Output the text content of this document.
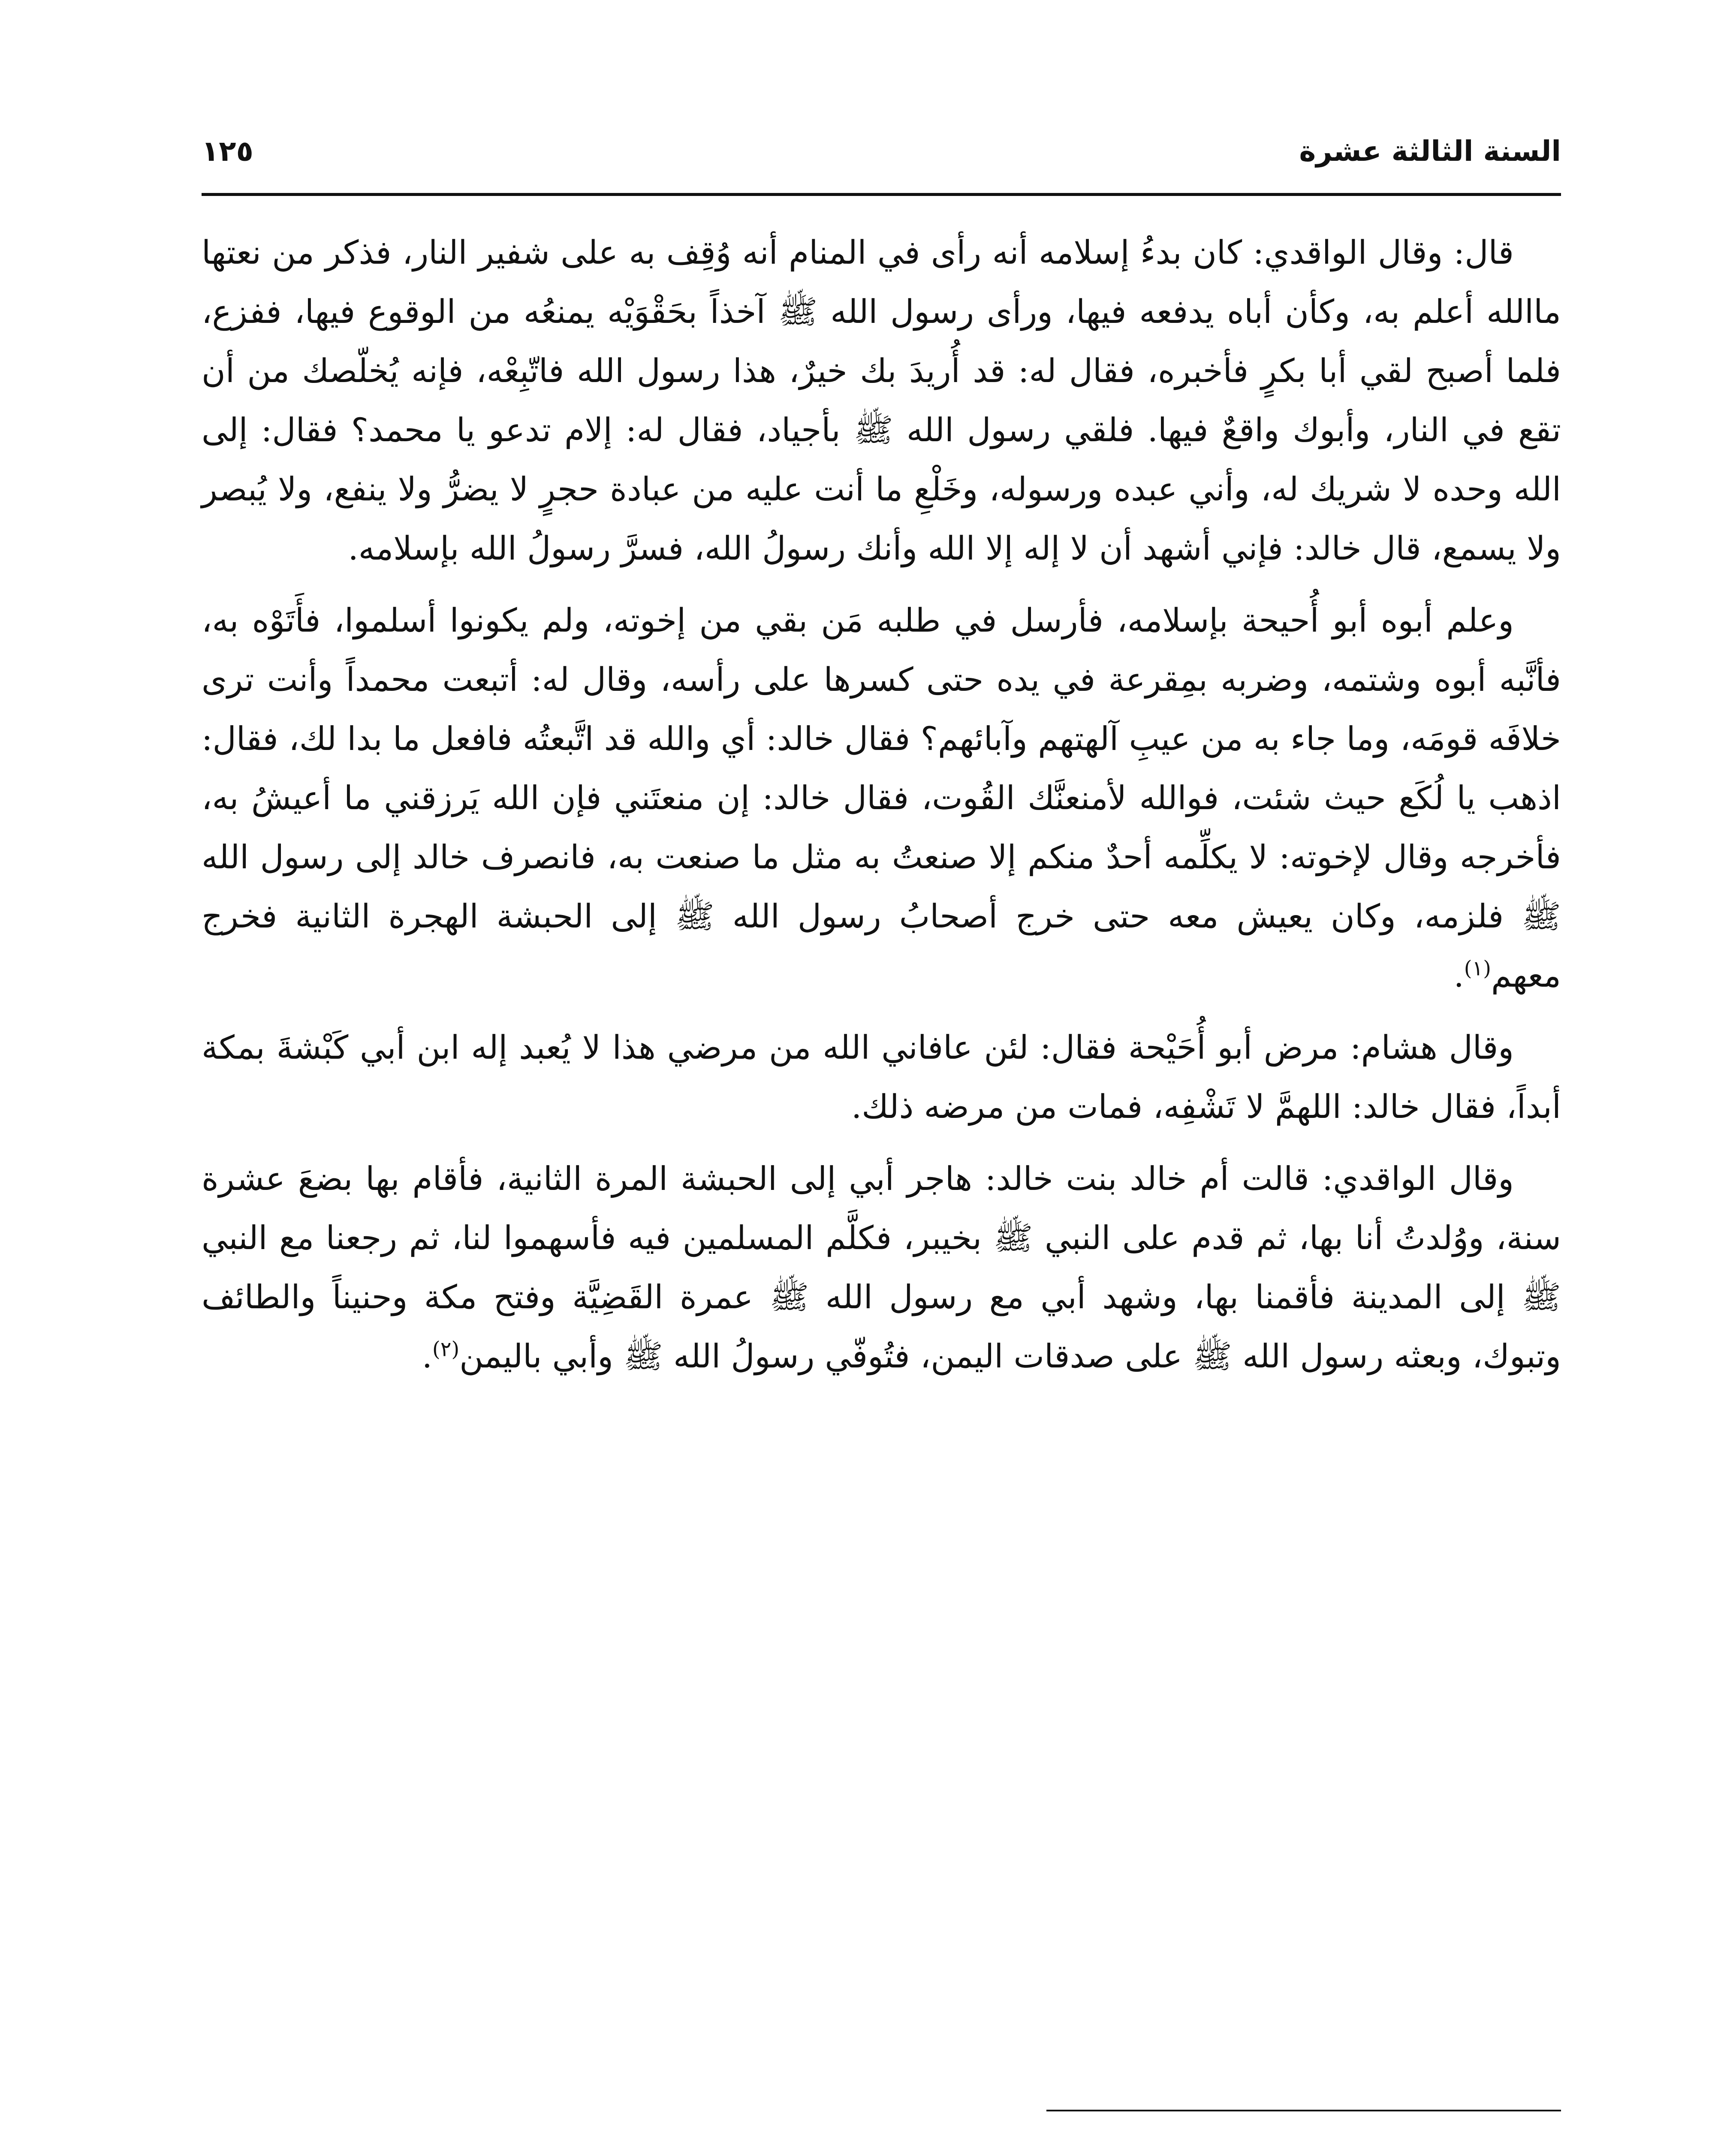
السنة الثالثة عشرة
١٢٥

قال: وقال الواقدي: كان بدءُ إسلامه أنه رأى في المنام أنه وُقِف به على شفير النار، فذكر من نعتها ماالله أعلم به، وكأن أباه يدفعه فيها، ورأى رسول الله ﷺ آخذاً بحَقْوَيْه يمنعُه من الوقوع فيها، ففزع، فلما أصبح لقي أبا بكرٍ فأخبره، فقال له: قد أُريدَ بك خيرٌ، هذا رسول الله فاتّبِعْه، فإنه يُخلّصك من أن تقع في النار، وأبوك واقعٌ فيها. فلقي رسول الله ﷺ بأجياد، فقال له: إلام تدعو يا محمد؟ فقال: إلى الله وحده لا شريك له، وأني عبده ورسوله، وخَلْعِ ما أنت عليه من عبادة حجرٍ لا يضرُّ ولا ينفع، ولا يُبصر ولا يسمع، قال خالد: فإني أشهد أن لا إله إلا الله وأنك رسولُ الله، فسرَّ رسولُ الله بإسلامه.

وعلم أبوه أبو أُحيحة بإسلامه، فأرسل في طلبه مَن بقي من إخوته، ولم يكونوا أسلموا، فأَتَوْه به، فأنَّبه أبوه وشتمه، وضربه بمِقرعة في يده حتى كسرها على رأسه، وقال له: أتبعت محمداً وأنت ترى خلافَه قومَه، وما جاء به من عيبِ آلهتهم وآبائهم؟ فقال خالد: أي والله قد اتَّبعتُه فافعل ما بدا لك، فقال: اذهب يا لُكَع حيث شئت، فوالله لأمنعنَّك القُوت، فقال خالد: إن منعتَني فإن الله يَرزقني ما أعيشُ به، فأخرجه وقال لإخوته: لا يكلِّمه أحدٌ منكم إلا صنعتُ به مثل ما صنعت به، فانصرف خالد إلى رسول الله ﷺ فلزمه، وكان يعيش معه حتى خرج أصحابُ رسول الله ﷺ إلى الحبشة الهجرة الثانية فخرج معهم$^{(١)}$.

وقال هشام: مرض أبو أُحَيْحة فقال: لئن عافاني الله من مرضي هذا لا يُعبد إله ابن أبي كَبْشةَ بمكة أبداً، فقال خالد: اللهمَّ لا تَشْفِه، فمات من مرضه ذلك.

وقال الواقدي: قالت أم خالد بنت خالد: هاجر أبي إلى الحبشة المرة الثانية، فأقام بها بضعَ عشرة سنة، ووُلدتُ أنا بها، ثم قدم على النبي ﷺ بخيبر، فكلَّم المسلمين فيه فأسهموا لنا، ثم رجعنا مع النبي ﷺ إلى المدينة فأقمنا بها، وشهد أبي مع رسول الله ﷺ عمرة القَضِيَّة وفتح مكة وحنيناً والطائف وتبوك، وبعثه رسول الله ﷺ على صدقات اليمن، فتُوفّي رسولُ الله ﷺ وأبي باليمن$^{(٢)}$.
